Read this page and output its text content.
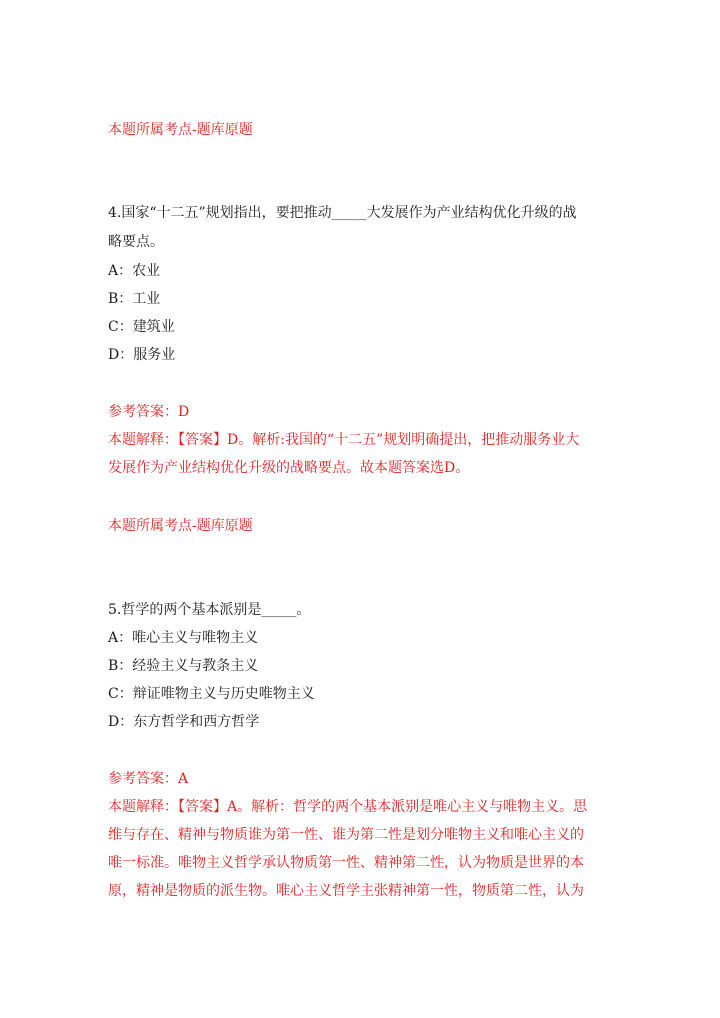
本题所属考点-题库原题
4.国家“十二五”规划指出，要把推动_____大发展作为产业结构优化升级的战
略要点。
A：农业
B：工业
C：建筑业
D：服务业
参考答案：D
本题解释：【答案】D。解析:我国的“十二五”规划明确提出，把推动服务业大
发展作为产业结构优化升级的战略要点。故本题答案选D。
本题所属考点-题库原题
5.哲学的两个基本派别是_____。
A：唯心主义与唯物主义
B：经验主义与教条主义
C：辩证唯物主义与历史唯物主义
D：东方哲学和西方哲学
参考答案：A
本题解释：【答案】A。解析：哲学的两个基本派别是唯心主义与唯物主义。思
维与存在、精神与物质谁为第一性、谁为第二性是划分唯物主义和唯心主义的
唯一标准。唯物主义哲学承认物质第一性、精神第二性，认为物质是世界的本
原，精神是物质的派生物。唯心主义哲学主张精神第一性，物质第二性，认为
